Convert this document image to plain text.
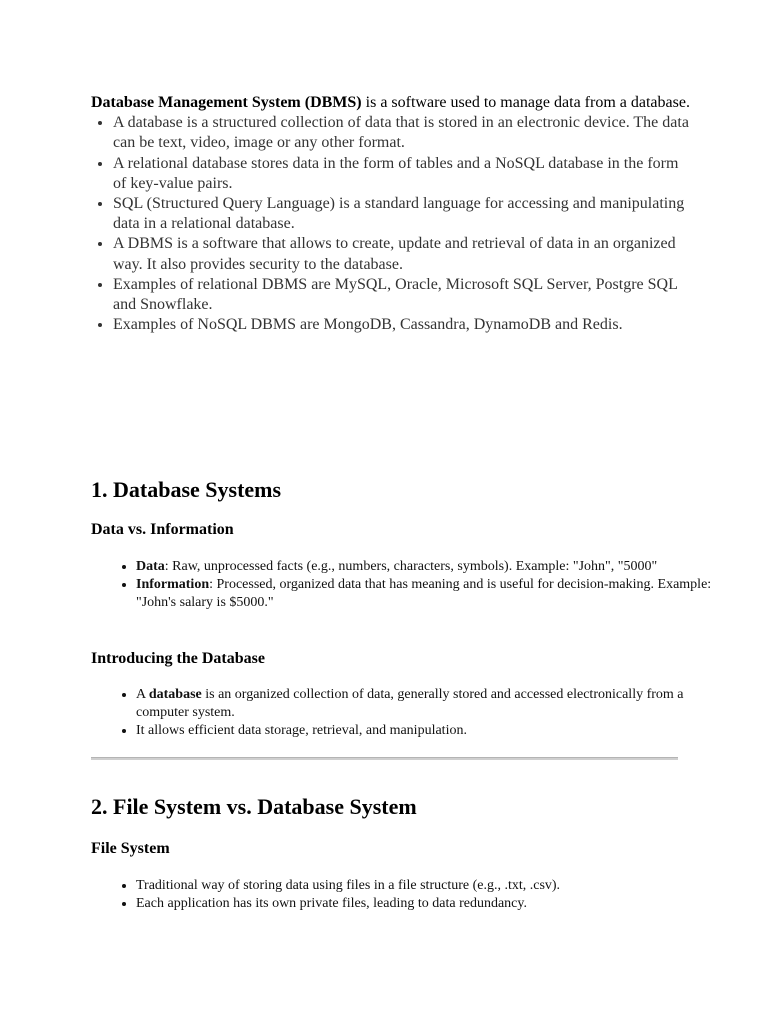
Database Management System (DBMS) is a software used to manage data from a database.

• A database is a structured collection of data that is stored in an electronic device. The data can be text, video, image or any other format.
• A relational database stores data in the form of tables and a NoSQL database in the form of key-value pairs.
• SQL (Structured Query Language) is a standard language for accessing and manipulating data in a relational database.
• A DBMS is a software that allows to create, update and retrieval of data in an organized way. It also provides security to the database.
• Examples of relational DBMS are MySQL, Oracle, Microsoft SQL Server, Postgre SQL and Snowflake.
• Examples of NoSQL DBMS are MongoDB, Cassandra, DynamoDB and Redis.
1. Database Systems
Data vs. Information
• Data: Raw, unprocessed facts (e.g., numbers, characters, symbols). Example: "John", "5000"
• Information: Processed, organized data that has meaning and is useful for decision-making. Example: "John's salary is $5000."
Introducing the Database
• A database is an organized collection of data, generally stored and accessed electronically from a computer system.
• It allows efficient data storage, retrieval, and manipulation.
2. File System vs. Database System
File System
• Traditional way of storing data using files in a file structure (e.g., .txt, .csv).
• Each application has its own private files, leading to data redundancy.
